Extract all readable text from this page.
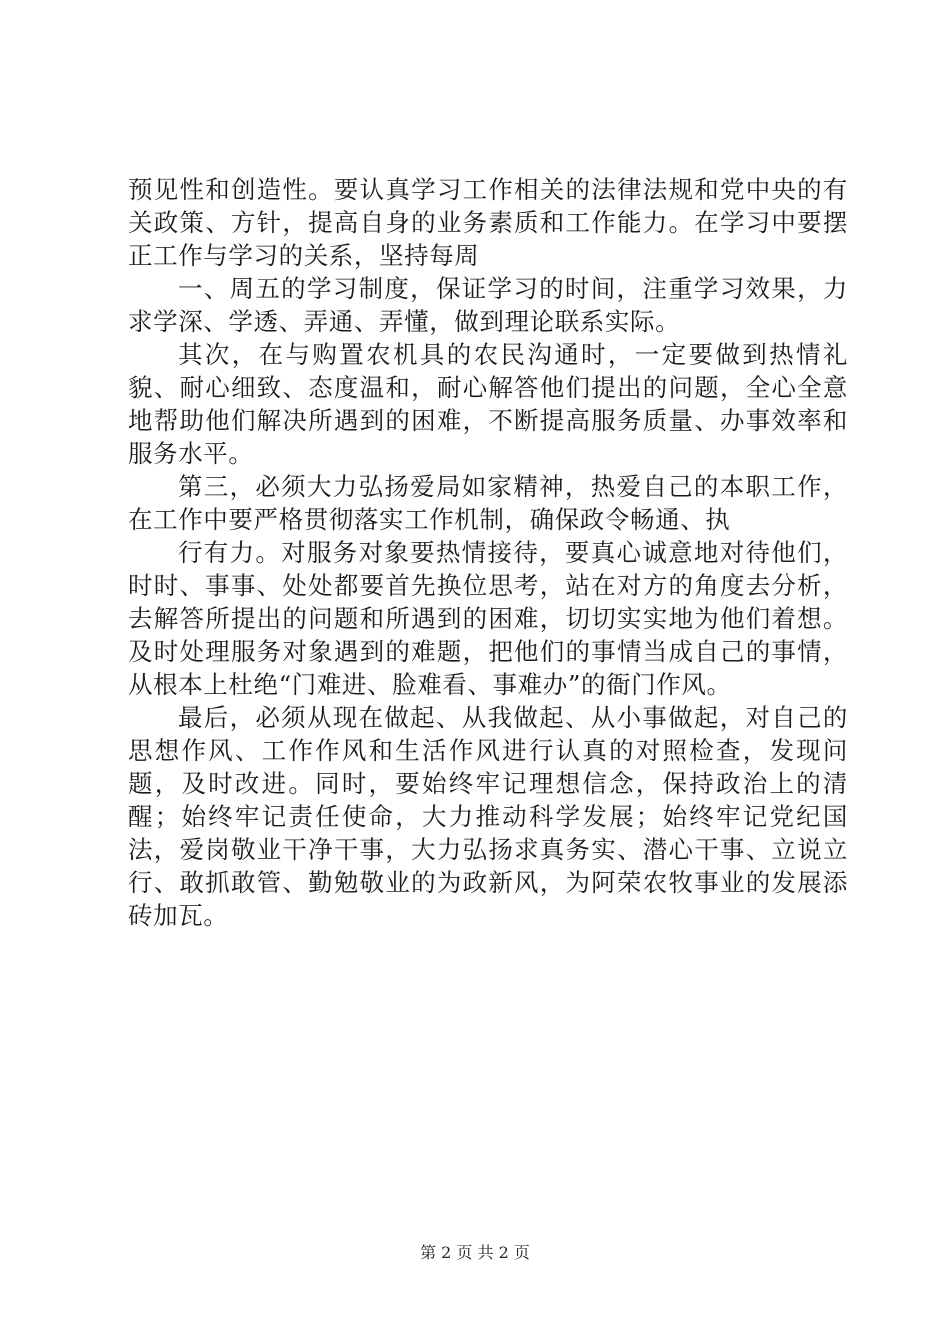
预见性和创造性。要认真学习工作相关的法律法规和党中央的有关政策、方针，提高自身的业务素质和工作能力。在学习中要摆正工作与学习的关系，坚持每周

一、周五的学习制度，保证学习的时间，注重学习效果，力求学深、学透、弄通、弄懂，做到理论联系实际。

其次，在与购置农机具的农民沟通时，一定要做到热情礼貌、耐心细致、态度温和，耐心解答他们提出的问题，全心全意地帮助他们解决所遇到的困难，不断提高服务质量、办事效率和服务水平。

第三，必须大力弘扬爱局如家精神，热爱自己的本职工作，在工作中要严格贯彻落实工作机制，确保政令畅通、执

行有力。对服务对象要热情接待，要真心诚意地对待他们，时时、事事、处处都要首先换位思考，站在对方的角度去分析，去解答所提出的问题和所遇到的困难，切切实实地为他们着想。及时处理服务对象遇到的难题，把他们的事情当成自己的事情，从根本上杜绝“门难进、脸难看、事难办”的衙门作风。

最后，必须从现在做起、从我做起、从小事做起，对自己的思想作风、工作作风和生活作风进行认真的对照检查，发现问题，及时改进。同时，要始终牢记理想信念，保持政治上的清醒；始终牢记责任使命，大力推动科学发展；始终牢记党纪国法，爱岗敬业干净干事，大力弘扬求真务实、潜心干事、立说立行、敢抓敢管、勤勉敬业的为政新风，为阿荣农牧事业的发展添砖加瓦。

第 2 页 共 2 页
